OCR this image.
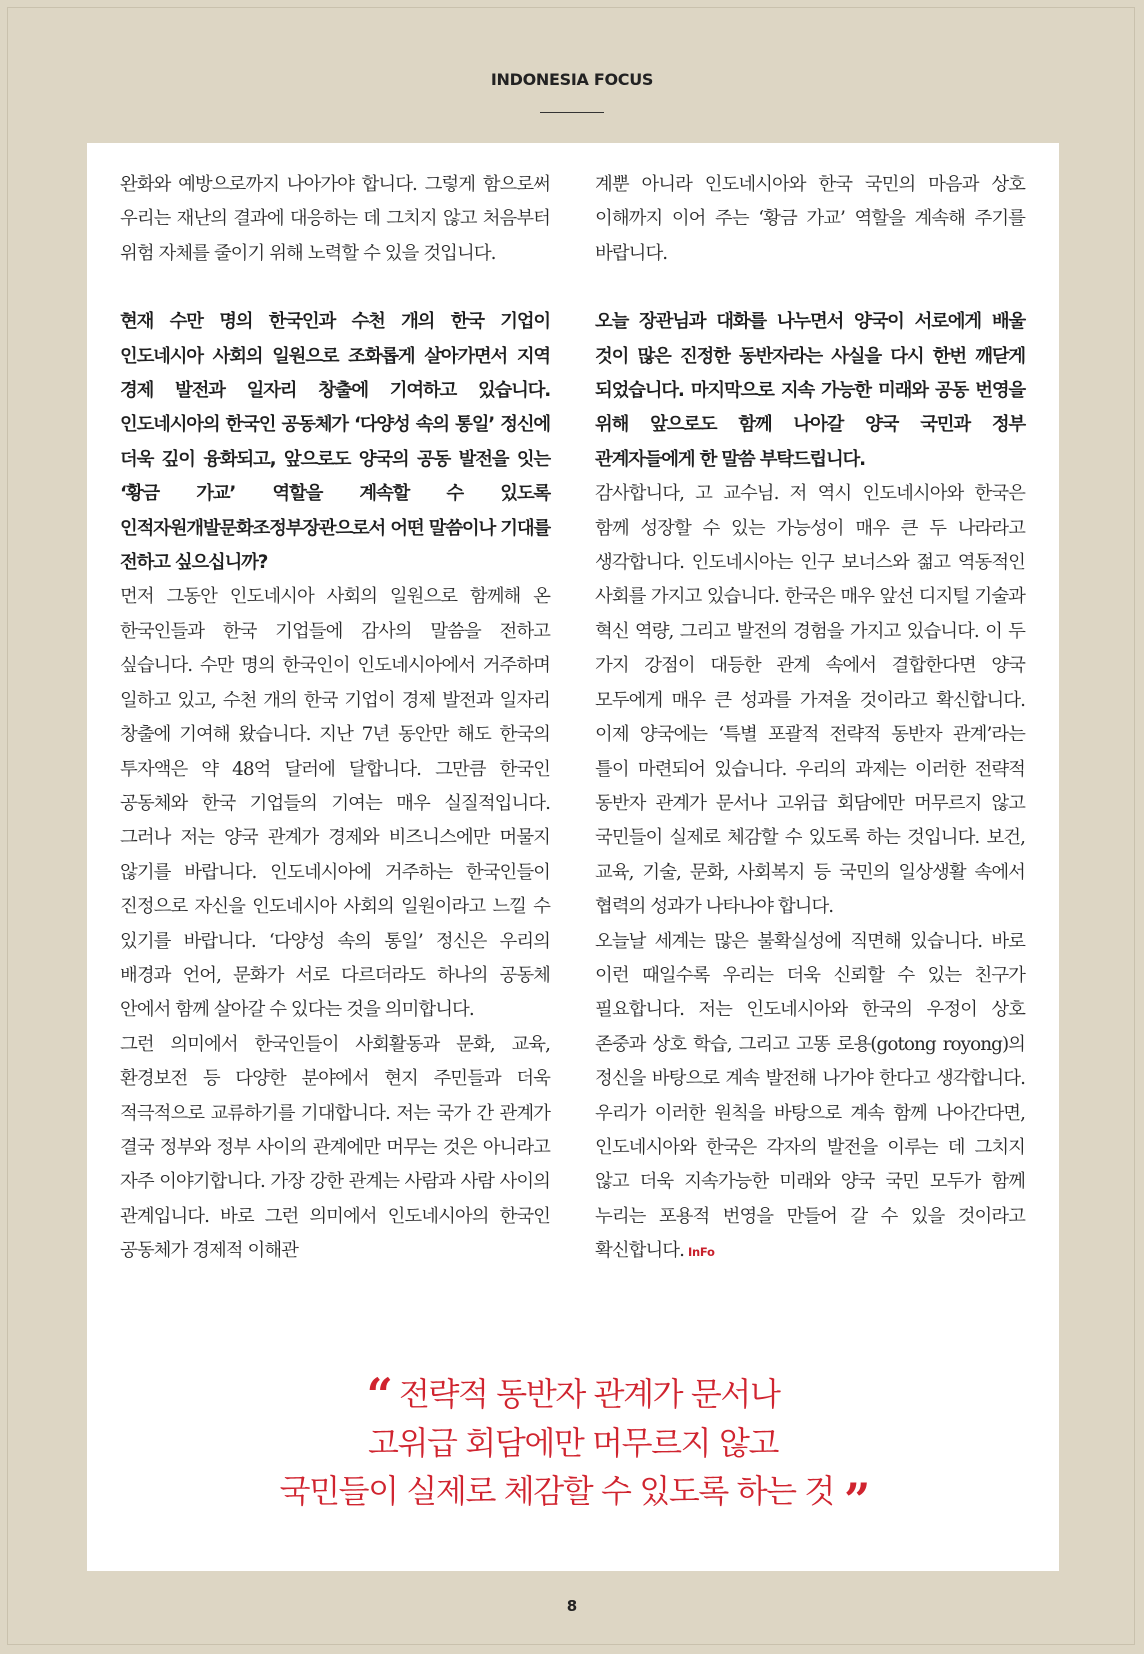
INDONESIA FOCUS

완화와 예방으로까지 나아가야 합니다. 그렇게 함으로써 우리는 재난의 결과에 대응하는 데 그치지 않고 처음부터 위험 자체를 줄이기 위해 노력할 수 있을 것입니다.

현재 수만 명의 한국인과 수천 개의 한국 기업이 인도네시아 사회의 일원으로 조화롭게 살아가면서 지역 경제 발전과 일자리 창출에 기여하고 있습니다. 인도네시아의 한국인 공동체가 ‘다양성 속의 통일’ 정신에 더욱 깊이 융화되고, 앞으로도 양국의 공동 발전을 잇는 ‘황금 가교’ 역할을 계속할 수 있도록 인적자원개발문화조정부장관으로서 어떤 말씀이나 기대를 전하고 싶으십니까?

먼저 그동안 인도네시아 사회의 일원으로 함께해 온 한국인들과 한국 기업들에 감사의 말씀을 전하고 싶습니다. 수만 명의 한국인이 인도네시아에서 거주하며 일하고 있고, 수천 개의 한국 기업이 경제 발전과 일자리 창출에 기여해 왔습니다. 지난 7년 동안만 해도 한국의 투자액은 약 48억 달러에 달합니다. 그만큼 한국인 공동체와 한국 기업들의 기여는 매우 실질적입니다. 그러나 저는 양국 관계가 경제와 비즈니스에만 머물지 않기를 바랍니다. 인도네시아에 거주하는 한국인들이 진정으로 자신을 인도네시아 사회의 일원이라고 느낄 수 있기를 바랍니다. ‘다양성 속의 통일’ 정신은 우리의 배경과 언어, 문화가 서로 다르더라도 하나의 공동체 안에서 함께 살아갈 수 있다는 것을 의미합니다.

그런 의미에서 한국인들이 사회활동과 문화, 교육, 환경보전 등 다양한 분야에서 현지 주민들과 더욱 적극적으로 교류하기를 기대합니다. 저는 국가 간 관계가 결국 정부와 정부 사이의 관계에만 머무는 것은 아니라고 자주 이야기합니다. 가장 강한 관계는 사람과 사람 사이의 관계입니다. 바로 그런 의미에서 인도네시아의 한국인 공동체가 경제적 이해관

계뿐 아니라 인도네시아와 한국 국민의 마음과 상호 이해까지 이어 주는 ‘황금 가교’ 역할을 계속해 주기를 바랍니다.

오늘 장관님과 대화를 나누면서 양국이 서로에게 배울 것이 많은 진정한 동반자라는 사실을 다시 한번 깨닫게 되었습니다. 마지막으로 지속 가능한 미래와 공동 번영을 위해 앞으로도 함께 나아갈 양국 국민과 정부 관계자들에게 한 말씀 부탁드립니다.

감사합니다, 고 교수님. 저 역시 인도네시아와 한국은 함께 성장할 수 있는 가능성이 매우 큰 두 나라라고 생각합니다. 인도네시아는 인구 보너스와 젊고 역동적인 사회를 가지고 있습니다. 한국은 매우 앞선 디지털 기술과 혁신 역량, 그리고 발전의 경험을 가지고 있습니다. 이 두 가지 강점이 대등한 관계 속에서 결합한다면 양국 모두에게 매우 큰 성과를 가져올 것이라고 확신합니다. 이제 양국에는 ‘특별 포괄적 전략적 동반자 관계’라는 틀이 마련되어 있습니다. 우리의 과제는 이러한 전략적 동반자 관계가 문서나 고위급 회담에만 머무르지 않고 국민들이 실제로 체감할 수 있도록 하는 것입니다. 보건, 교육, 기술, 문화, 사회복지 등 국민의 일상생활 속에서 협력의 성과가 나타나야 합니다.

오늘날 세계는 많은 불확실성에 직면해 있습니다. 바로 이런 때일수록 우리는 더욱 신뢰할 수 있는 친구가 필요합니다. 저는 인도네시아와 한국의 우정이 상호 존중과 상호 학습, 그리고 고똥 로용(gotong royong)의 정신을 바탕으로 계속 발전해 나가야 한다고 생각합니다. 우리가 이러한 원칙을 바탕으로 계속 함께 나아간다면, 인도네시아와 한국은 각자의 발전을 이루는 데 그치지 않고 더욱 지속가능한 미래와 양국 국민 모두가 함께 누리는 포용적 번영을 만들어 갈 수 있을 것이라고 확신합니다. InFo

“ 전략적 동반자 관계가 문서나
고위급 회담에만 머무르지 않고
국민들이 실제로 체감할 수 있도록 하는 것 ”
8
